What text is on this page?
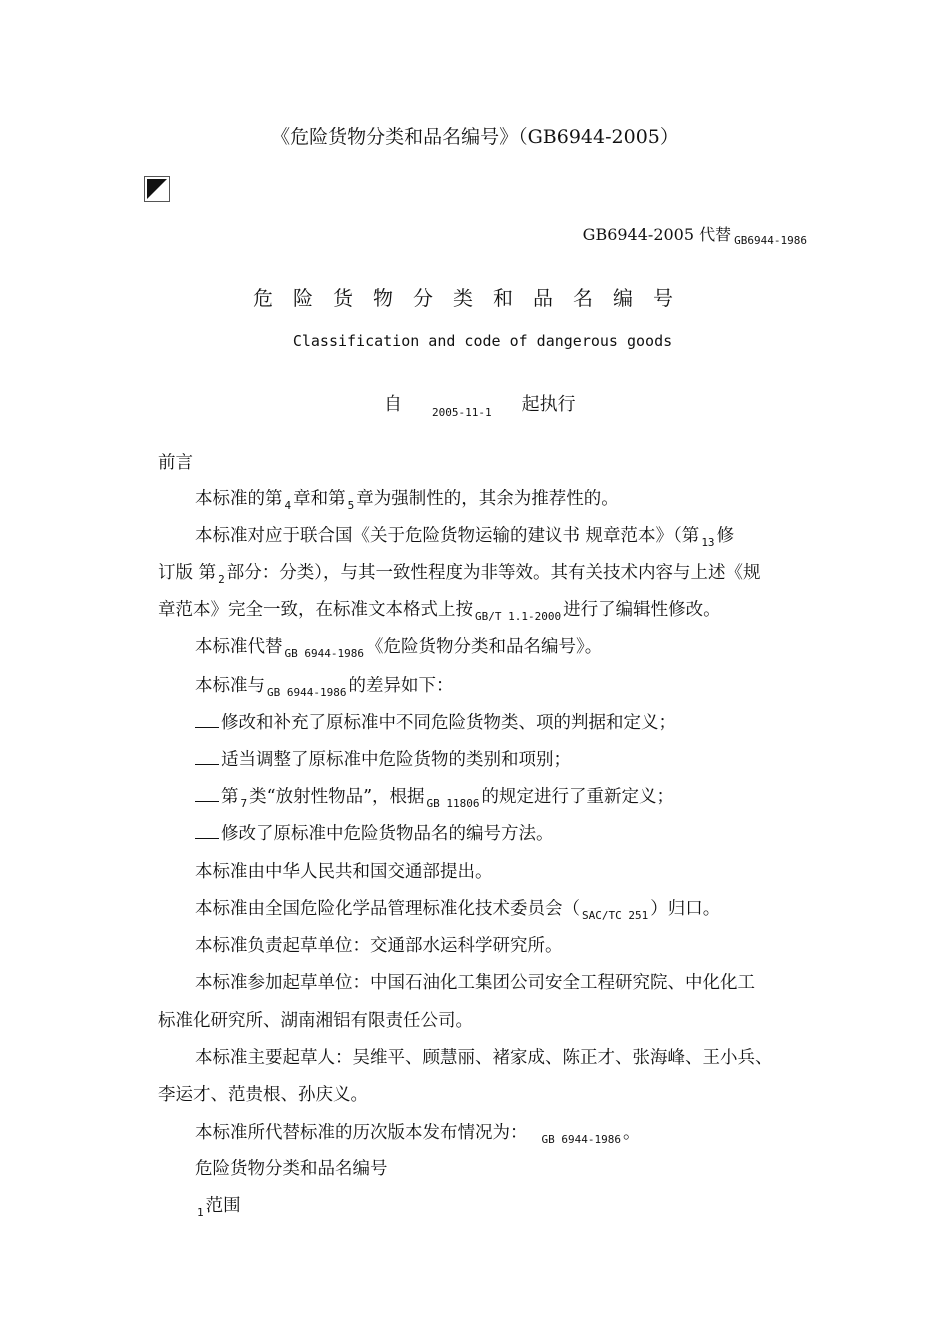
《危险货物分类和品名编号》（GB6944-2005）
GB6944-2005 代替 $_{GB6944-1986}$
危险货物分类和品名编号
Classification and code of dangerous goods
自	$_{2005-11-1}$ 起执行
前言
本标准的第 $_4$ 章和第 $_5$ 章为强制性的，其余为推荐性的。
本标准对应于联合国《关于危险货物运输的建议书 规章范本》（第 $_{13}$ 修
订版 第 $_2$ 部分：分类），与其一致性程度为非等效。其有关技术内容与上述《规
章范本》完全一致，在标准文本格式上按 $_{GB/T 1.1-2000}$ 进行了编辑性修改。
本标准代替 $_{GB 6944-1986}$ 《危险货物分类和品名编号》。
本标准与 $_{GB 6944-1986}$ 的差异如下：
修改和补充了原标准中不同危险货物类、项的判据和定义；
适当调整了原标准中危险货物的类别和项别；
第 $_7$ 类“放射性物品”，根据 $_{GB 11806}$ 的规定进行了重新定义；
修改了原标准中危险货物品名的编号方法。
本标准由中华人民共和国交通部提出。
本标准由全国危险化学品管理标准化技术委员会（ $_{SAC/TC 251}$ ）归口。
本标准负责起草单位：交通部水运科学研究所。
本标准参加起草单位：中国石油化工集团公司安全工程研究院、中化化工
标准化研究所、湖南湘铝有限责任公司。
本标准主要起草人：吴维平、顾慧丽、褚家成、陈正才、张海峰、王小兵、
李运才、范贵根、孙庆义。
本标准所代替标准的历次版本发布情况为： $_{GB 6944-1986}$ 。
危险货物分类和品名编号
$_1$ 范围
